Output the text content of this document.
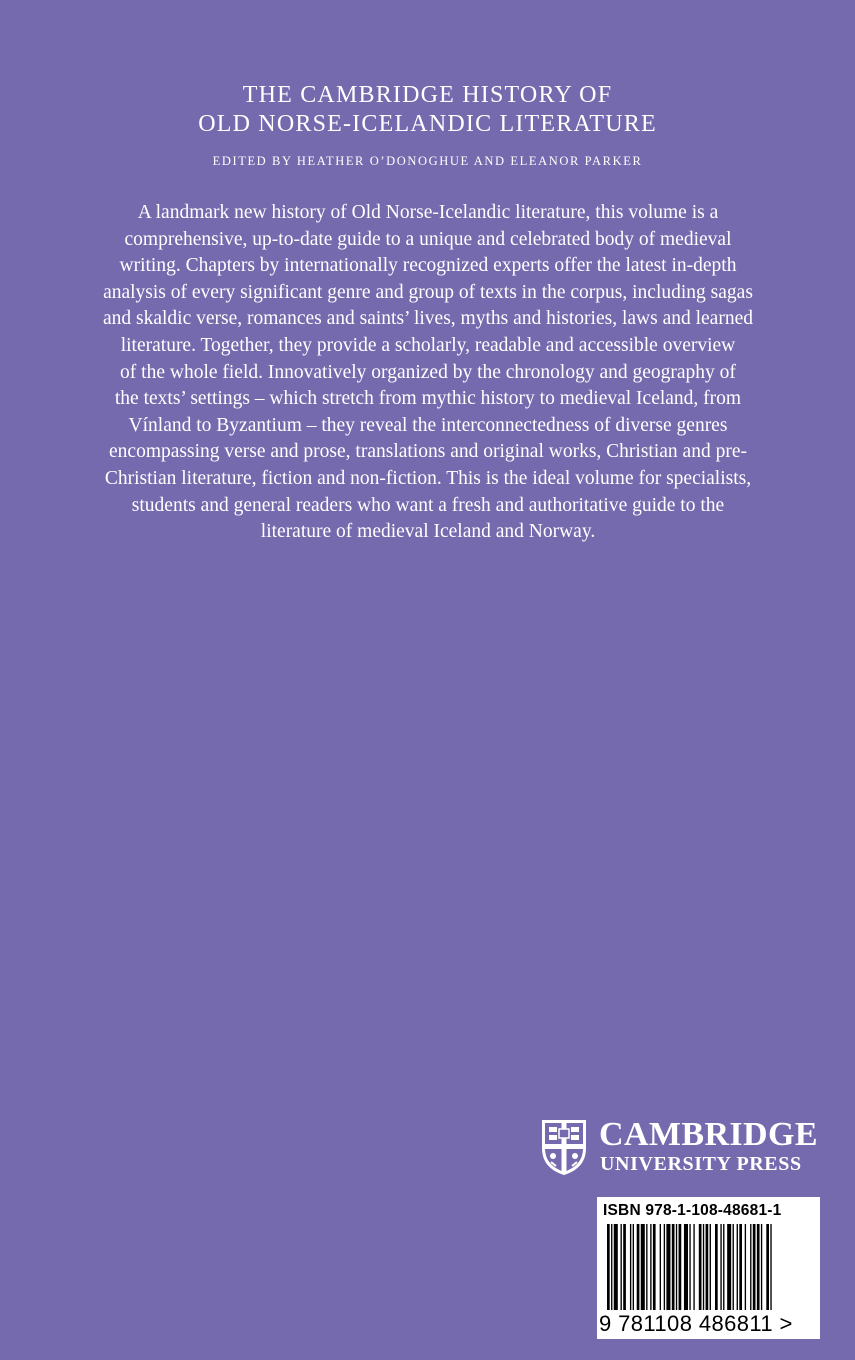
THE CAMBRIDGE HISTORY OF
OLD NORSE-ICELANDIC LITERATURE
EDITED BY HEATHER O’DONOGHUE AND ELEANOR PARKER
A landmark new history of Old Norse-Icelandic literature, this volume is a
comprehensive, up-to-date guide to a unique and celebrated body of medieval
writing. Chapters by internationally recognized experts offer the latest in-depth
analysis of every significant genre and group of texts in the corpus, including sagas
and skaldic verse, romances and saints’ lives, myths and histories, laws and learned
literature. Together, they provide a scholarly, readable and accessible overview
of the whole field. Innovatively organized by the chronology and geography of
the texts’ settings – which stretch from mythic history to medieval Iceland, from
Vínland to Byzantium – they reveal the interconnectedness of diverse genres
encompassing verse and prose, translations and original works, Christian and pre-
Christian literature, fiction and non-fiction. This is the ideal volume for specialists,
students and general readers who want a fresh and authoritative guide to the
literature of medieval Iceland and Norway.
CAMBRIDGE
UNIVERSITY PRESS
ISBN 978-1-108-48681-1
9 781108 486811 >
